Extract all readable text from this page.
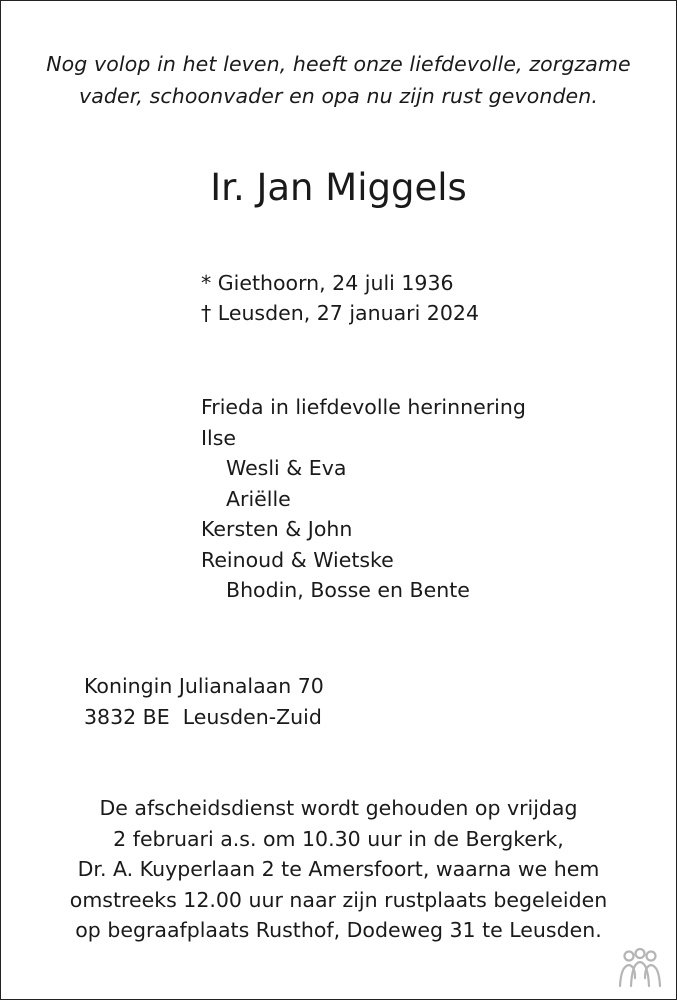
Nog volop in het leven, heeft onze liefdevolle, zorgzame
vader, schoonvader en opa nu zijn rust gevonden.
Ir. Jan Miggels
* Giethoorn, 24 juli 1936
† Leusden, 27 januari 2024
Frieda in liefdevolle herinnering
Ilse
Wesli & Eva
Ariëlle
Kersten & John
Reinoud & Wietske
Bhodin, Bosse en Bente
Koningin Julianalaan 70
3832 BE  Leusden-Zuid
De afscheidsdienst wordt gehouden op vrijdag
2 februari a.s. om 10.30 uur in de Bergkerk,
Dr. A. Kuyperlaan 2 te Amersfoort, waarna we hem
omstreeks 12.00 uur naar zijn rustplaats begeleiden
op begraafplaats Rusthof, Dodeweg 31 te Leusden.
